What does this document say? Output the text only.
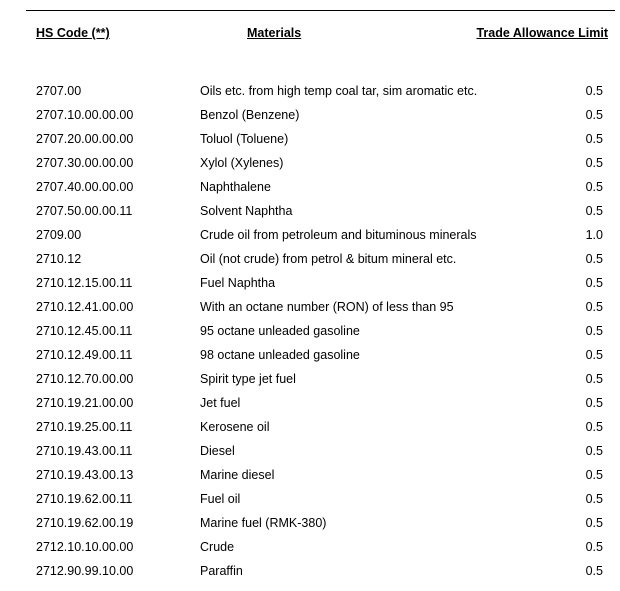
HS Code (**)	Materials	Trade Allowance Limit
2707.00	Oils etc. from high temp coal tar, sim aromatic etc.	0.5
2707.10.00.00.00	Benzol (Benzene)	0.5
2707.20.00.00.00	Toluol (Toluene)	0.5
2707.30.00.00.00	Xylol (Xylenes)	0.5
2707.40.00.00.00	Naphthalene	0.5
2707.50.00.00.11	Solvent Naphtha	0.5
2709.00	Crude oil from petroleum and bituminous minerals	1.0
2710.12	Oil (not crude) from petrol & bitum mineral etc.	0.5
2710.12.15.00.11	Fuel Naphtha	0.5
2710.12.41.00.00	With an octane number (RON) of less than 95	0.5
2710.12.45.00.11	95 octane unleaded gasoline	0.5
2710.12.49.00.11	98 octane unleaded gasoline	0.5
2710.12.70.00.00	Spirit type jet fuel	0.5
2710.19.21.00.00	Jet fuel	0.5
2710.19.25.00.11	Kerosene oil	0.5
2710.19.43.00.11	Diesel	0.5
2710.19.43.00.13	Marine diesel	0.5
2710.19.62.00.11	Fuel oil	0.5
2710.19.62.00.19	Marine fuel (RMK-380)	0.5
2712.10.10.00.00	Crude	0.5
2712.90.99.10.00	Paraffin	0.5
